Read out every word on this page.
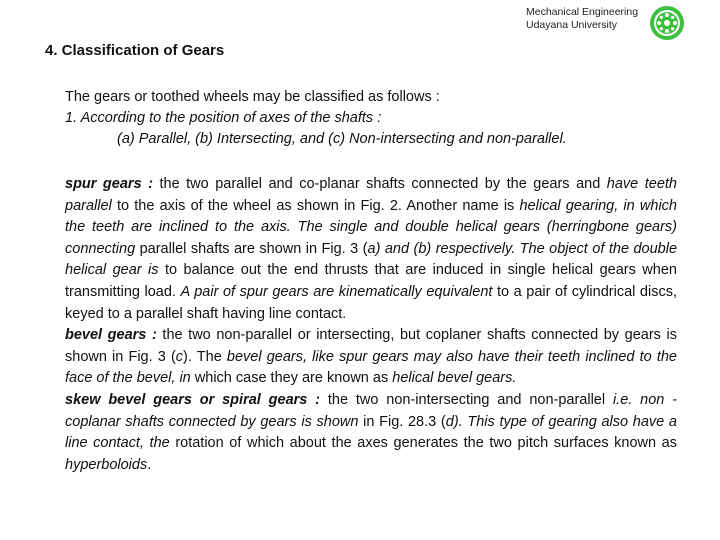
Mechanical Engineering
Udayana University
4. Classification of Gears
The gears or toothed wheels may be classified as follows :
1. According to the position of axes of the shafts :
(a) Parallel, (b) Intersecting, and (c) Non-intersecting and non-parallel.
spur gears : the two parallel and co-planar shafts connected by the gears and have teeth parallel to the axis of the wheel as shown in Fig. 2. Another name is helical gearing, in which the teeth are inclined to the axis. The single and double helical gears (herringbone gears) connecting parallel shafts are shown in Fig. 3 (a) and (b) respectively. The object of the double helical gear is to balance out the end thrusts that are induced in single helical gears when transmitting load. A pair of spur gears are kinematically equivalent to a pair of cylindrical discs, keyed to a parallel shaft having line contact.
bevel gears : the two non-parallel or intersecting, but coplaner shafts connected by gears is shown in Fig. 3 (c). The bevel gears, like spur gears may also have their teeth inclined to the face of the bevel, in which case they are known as helical bevel gears.
skew bevel gears or spiral gears : the two non-intersecting and non-parallel i.e. non -coplanar shafts connected by gears is shown in Fig. 28.3 (d). This type of gearing also have a line contact, the rotation of which about the axes generates the two pitch surfaces known as hyperboloids.
